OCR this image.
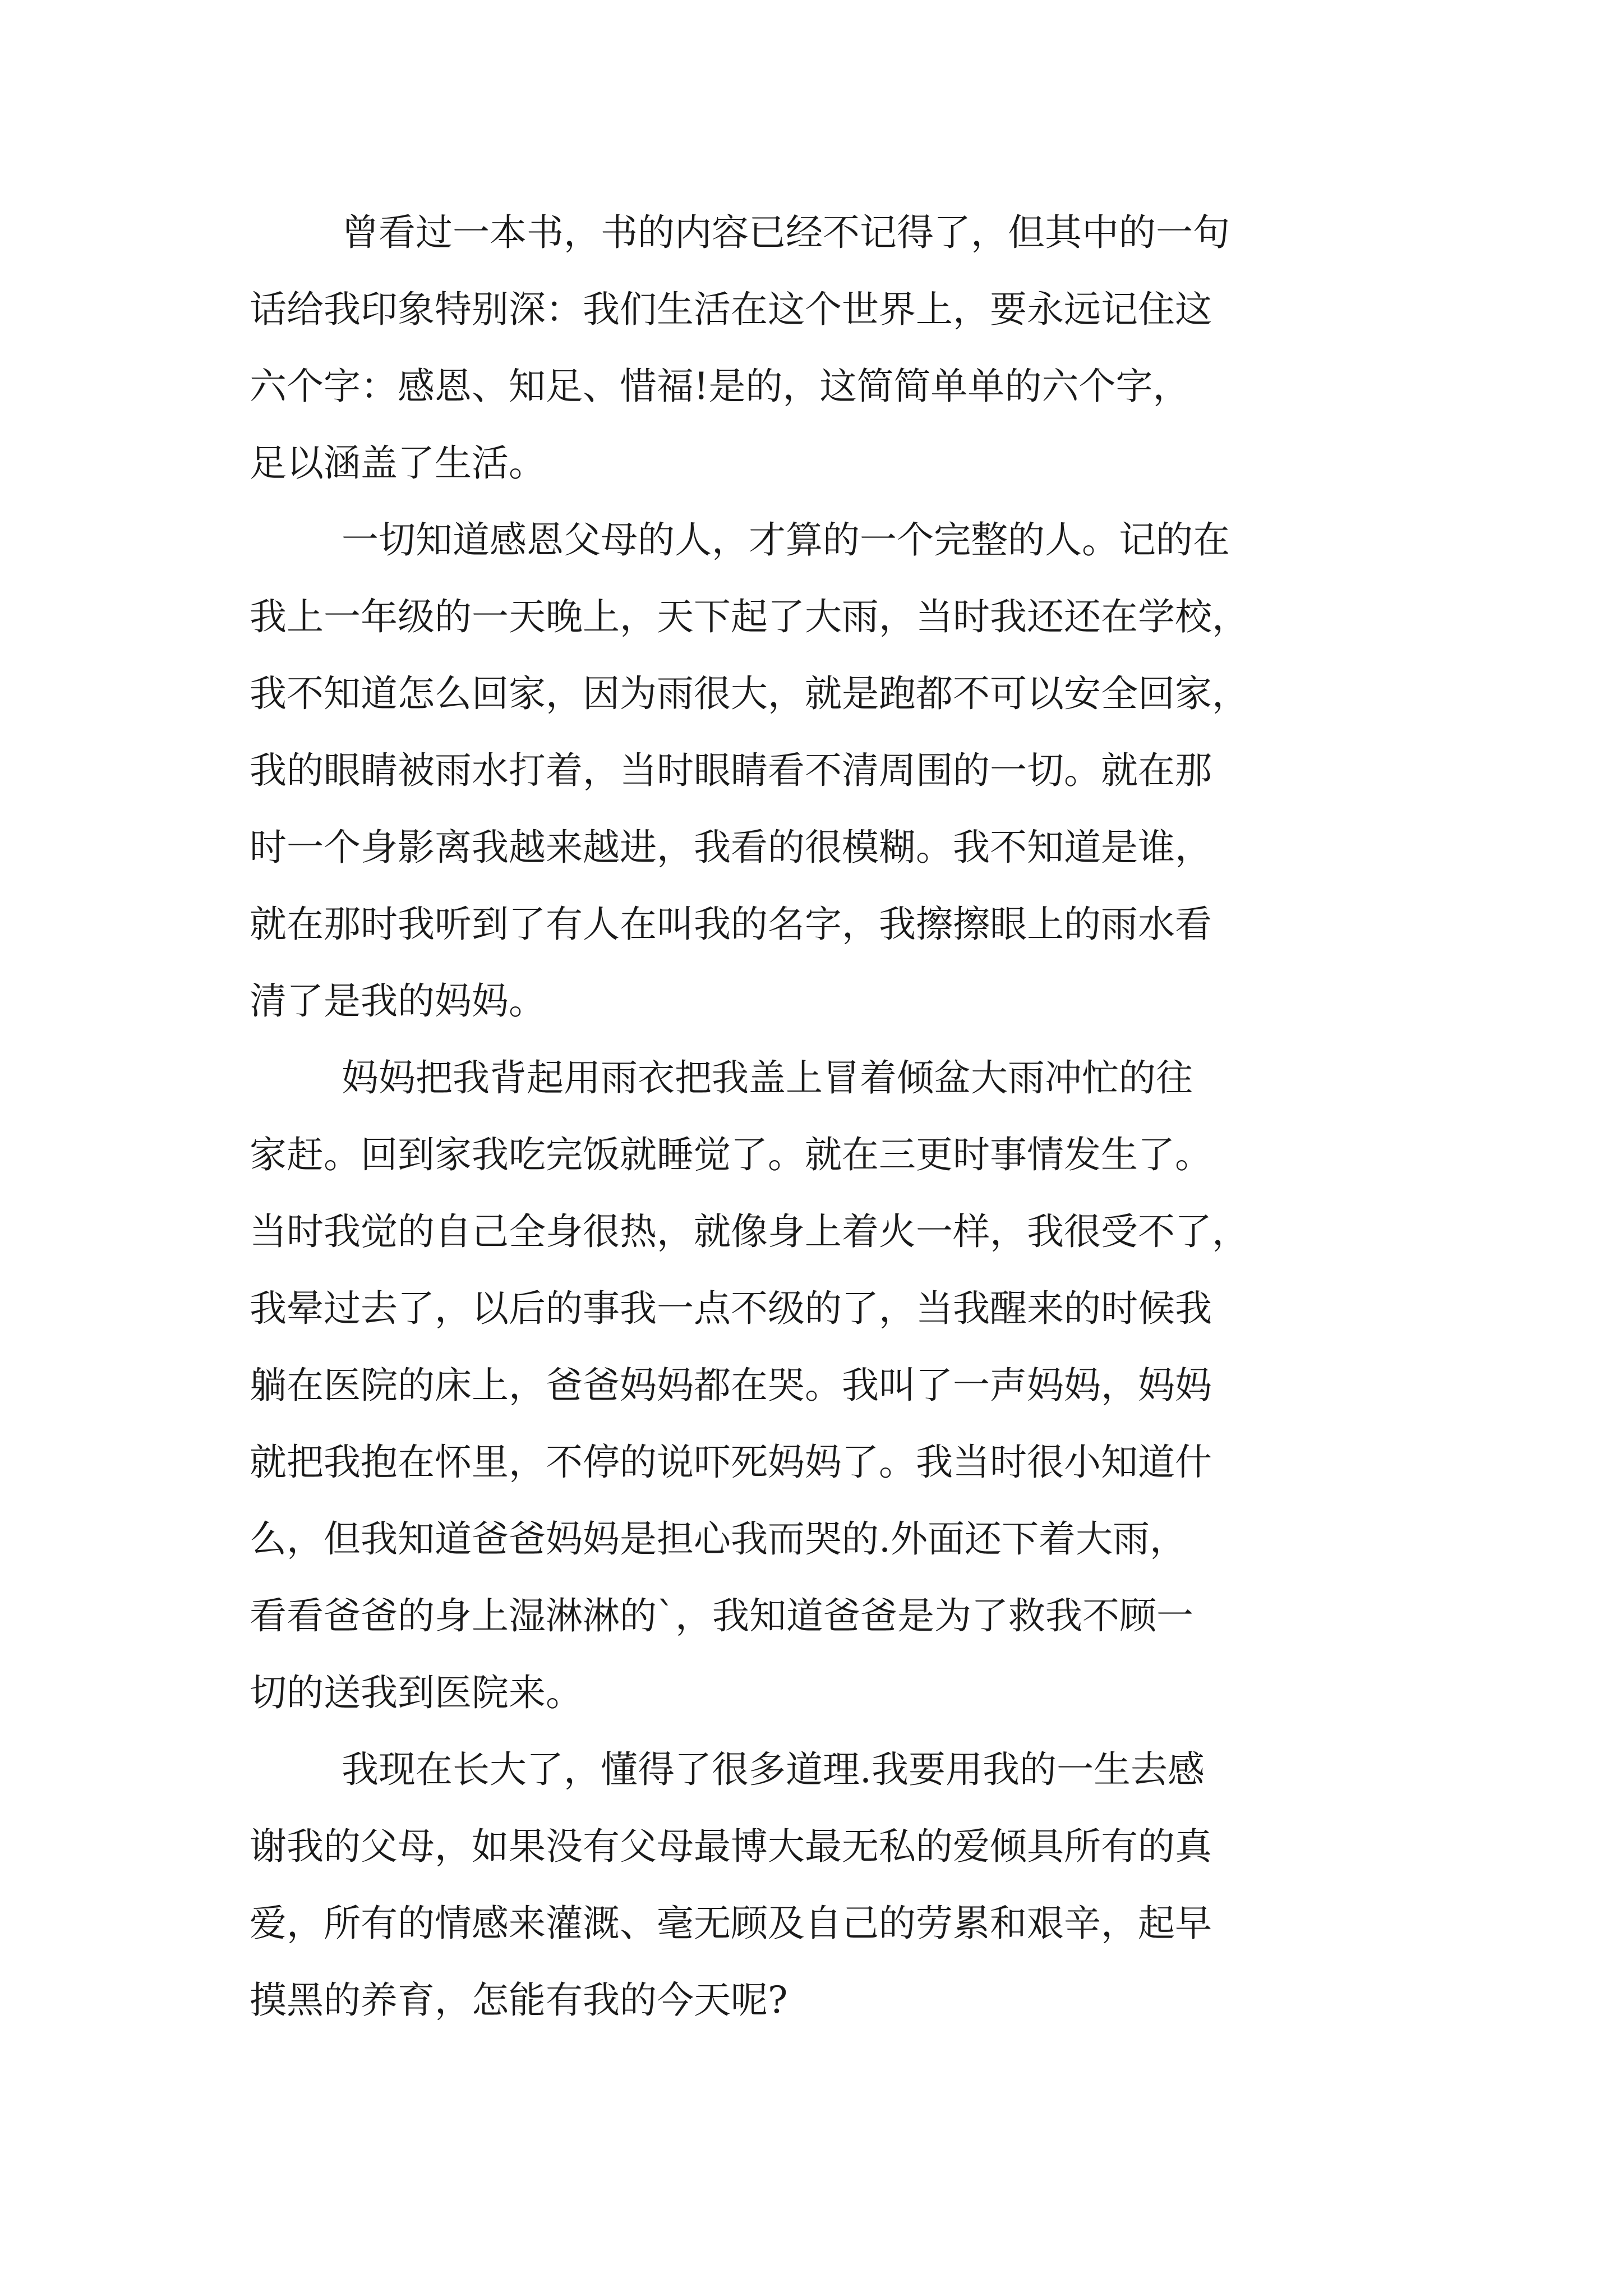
曾看过一本书，书的内容已经不记得了，但其中的一句
话给我印象特别深：我们生活在这个世界上，要永远记住这
六个字：感恩、知足、惜福!是的，这简简单单的六个字，
足以涵盖了生活。
一切知道感恩父母的人，才算的一个完整的人。记的在
我上一年级的一天晚上，天下起了大雨，当时我还还在学校，
我不知道怎么回家，因为雨很大，就是跑都不可以安全回家，
我的眼睛被雨水打着，当时眼睛看不清周围的一切。就在那
时一个身影离我越来越进，我看的很模糊。我不知道是谁，
就在那时我听到了有人在叫我的名字，我擦擦眼上的雨水看
清了是我的妈妈。
妈妈把我背起用雨衣把我盖上冒着倾盆大雨冲忙的往
家赶。回到家我吃完饭就睡觉了。就在三更时事情发生了。
当时我觉的自己全身很热，就像身上着火一样，我很受不了，
我晕过去了，以后的事我一点不级的了，当我醒来的时候我
躺在医院的床上，爸爸妈妈都在哭。我叫了一声妈妈，妈妈
就把我抱在怀里，不停的说吓死妈妈了。我当时很小知道什
么，但我知道爸爸妈妈是担心我而哭的.外面还下着大雨，
看看爸爸的身上湿淋淋的`，我知道爸爸是为了救我不顾一
切的送我到医院来。
我现在长大了，懂得了很多道理.我要用我的一生去感
谢我的父母，如果没有父母最博大最无私的爱倾具所有的真
爱，所有的情感来灌溉、毫无顾及自己的劳累和艰辛，起早
摸黑的养育，怎能有我的今天呢?
